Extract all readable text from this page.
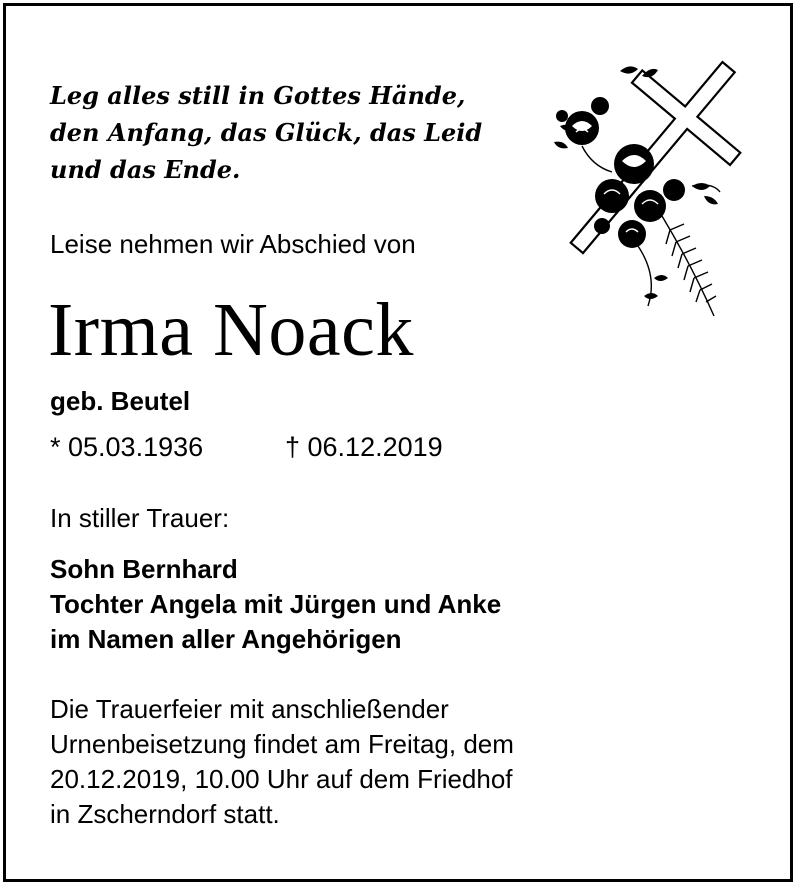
Leg alles still in Gottes Hände,
den Anfang, das Glück, das Leid
und das Ende.
Leise nehmen wir Abschied von
Irma Noack
geb. Beutel
* 05.03.1936	† 06.12.2019
In stiller Trauer:
Sohn Bernhard
Tochter Angela mit Jürgen und Anke
im Namen aller Angehörigen
Die Trauerfeier mit anschließender
Urnenbeisetzung findet am Freitag, dem
20.12.2019, 10.00 Uhr auf dem Friedhof
in Zscherndorf statt.
